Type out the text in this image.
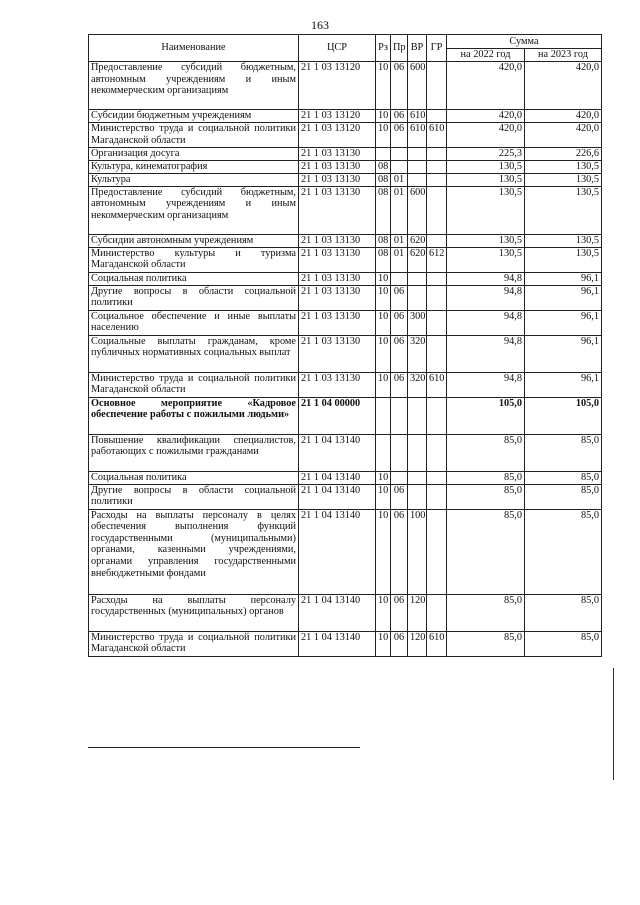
163
Наименование	ЦСР	Рз	Пр	ВР	ГР	Сумма	
						на 2022 год	на 2023 год
Предоставление субсидий бюджетным, автономным учреждениям и иным некоммерческим организациям	21 1 03 13120	10	06	600		420,0	420,0
Субсидии бюджетным учреждениям	21 1 03 13120	10	06	610		420,0	420,0
Министерство труда и социальной политики Магаданской области	21 1 03 13120	10	06	610	610	420,0	420,0
Организация досуга	21 1 03 13130					225,3	226,6
Культура, кинематография	21 1 03 13130	08				130,5	130,5
Культура	21 1 03 13130	08	01			130,5	130,5
Предоставление субсидий бюджетным, автономным учреждениям и иным некоммерческим организациям	21 1 03 13130	08	01	600		130,5	130,5
Субсидии автономным учреждениям	21 1 03 13130	08	01	620		130,5	130,5
Министерство культуры и туризма Магаданской области	21 1 03 13130	08	01	620	612	130,5	130,5
Социальная политика	21 1 03 13130	10				94,8	96,1
Другие вопросы в области социальной политики	21 1 03 13130	10	06			94,8	96,1
Социальное обеспечение и иные выплаты населению	21 1 03 13130	10	06	300		94,8	96,1
Социальные выплаты гражданам, кроме публичных нормативных социальных выплат	21 1 03 13130	10	06	320		94,8	96,1
Министерство труда и социальной политики Магаданской области	21 1 03 13130	10	06	320	610	94,8	96,1
Основное мероприятие «Кадровое обеспечение работы с пожилыми людьми»	21 1 04 00000					105,0	105,0
Повышение квалификации специалистов, работающих с пожилыми гражданами	21 1 04 13140					85,0	85,0
Социальная политика	21 1 04 13140	10				85,0	85,0
Другие вопросы в области социальной политики	21 1 04 13140	10	06			85,0	85,0
Расходы на выплаты персоналу в целях обеспечения выполнения функций государственными (муниципальными) органами, казенными учреждениями, органами управления государственными внебюджетными фондами	21 1 04 13140	10	06	100		85,0	85,0
Расходы на выплаты персоналу государственных (муниципальных) органов	21 1 04 13140	10	06	120		85,0	85,0
Министерство труда и социальной политики Магаданской области	21 1 04 13140	10	06	120	610	85,0	85,0
